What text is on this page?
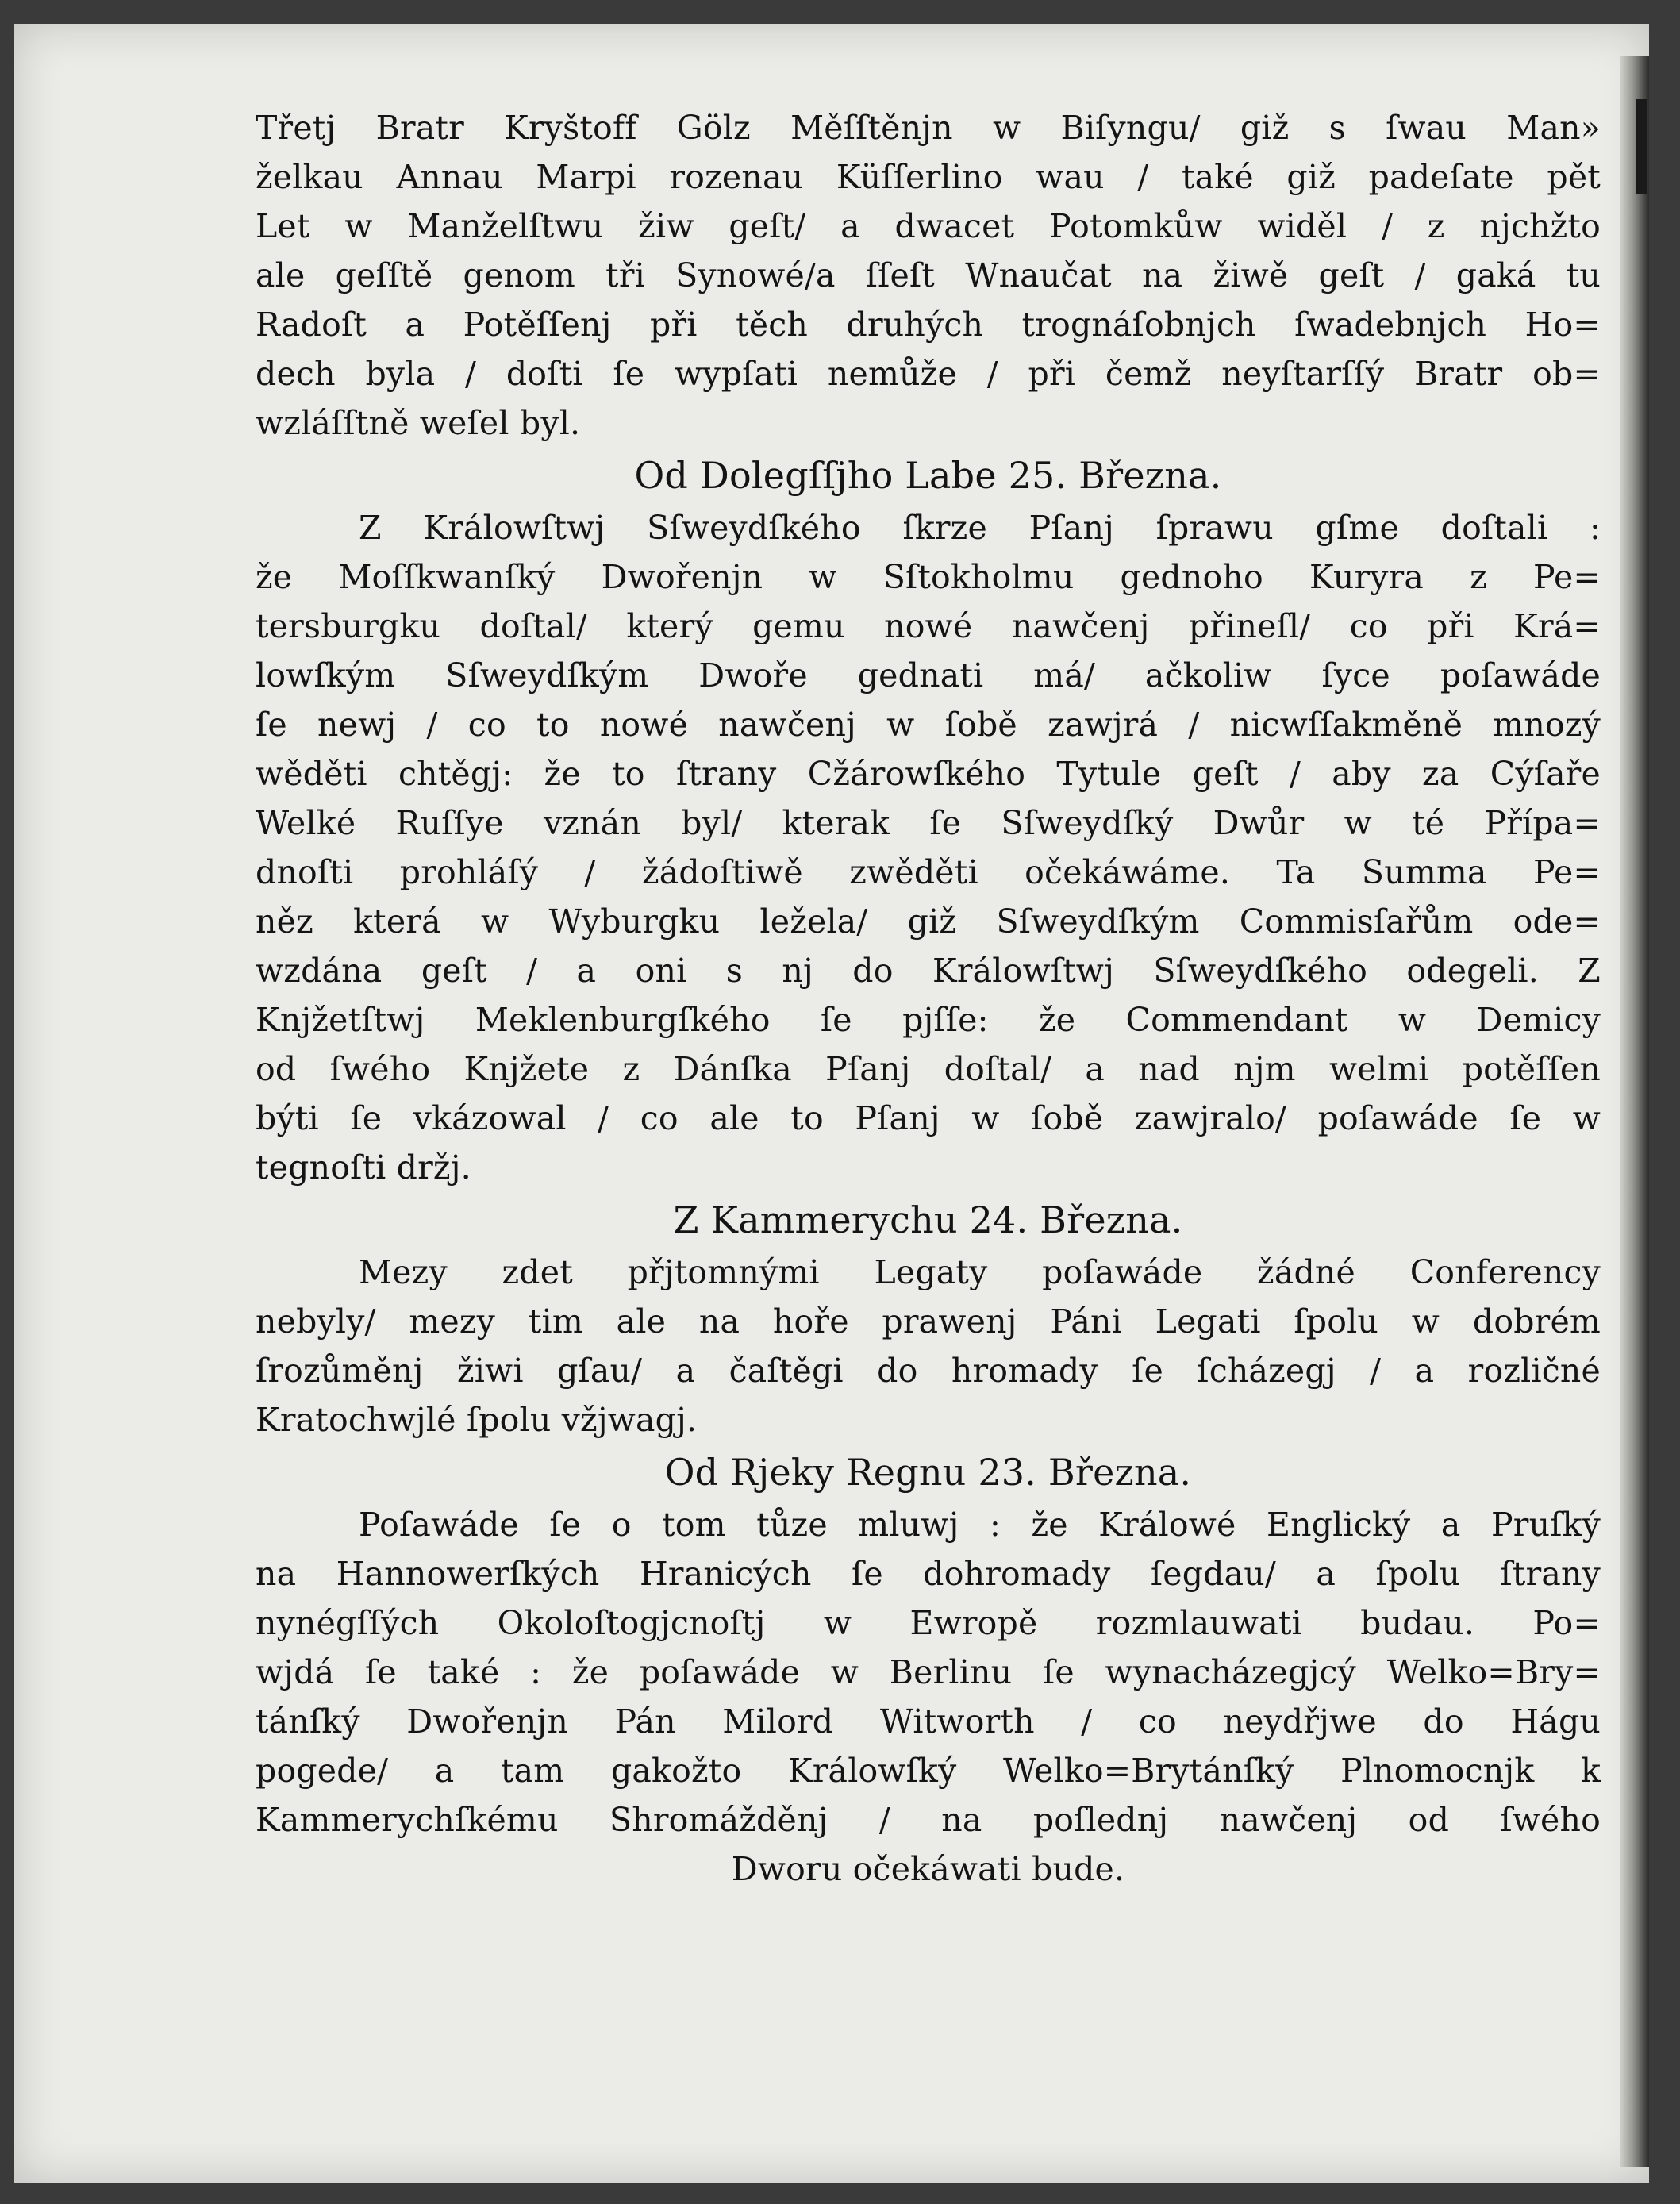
Třetj Bratr Kryštoff Gölz Měſſtěnjn w Biſyngu/ giž s ſwau Man»
želkau Annau Marpi rozenau Küſſerlino wau / také giž padeſate pět
Let w Manželſtwu žiw geſt/ a dwacet Potomkůw widěl / z njchžto
ale geſſtě genom tři Synowé/a ſſeſt Wnaučat na žiwě geſt / gaká tu
Radoſt a Potěſſenj při těch druhých trognáſobnjch ſwadebnjch Ho=
dech byla / doſti ſe wypſati nemůže / při čemž neyſtarſſý Bratr ob=
wzláſſtně weſel byl.
Od Dolegſſjho Labe 25. Března.
Z Králowſtwj Sſweydſkého ſkrze Pſanj ſprawu gſme doſtali :
že Moſſkwanſký Dwořenjn w Sſtokholmu gednoho Kuryra z Pe=
tersburgku doſtal/ který gemu nowé nawčenj přineſl/ co při Krá=
lowſkým Sſweydſkým Dwoře gednati má/ ačkoliw ſyce poſawáde
ſe newj / co to nowé nawčenj w ſobě zawjrá / nicwſſakměně mnozý
wěděti chtěgj: že to ſtrany Cžárowſkého Tytule geſt / aby za Cýſaře
Welké Ruſſye vznán byl/ kterak ſe Sſweydſký Dwůr w té Přípa=
dnoſti prohláſý / žádoſtiwě zwěděti očekáwáme. Ta Summa Pe=
něz která w Wyburgku ležela/ giž Sſweydſkým Commisſařům ode=
wzdána geſt / a oni s nj do Králowſtwj Sſweydſkého odegeli. Z
Knjžetſtwj Meklenburgſkého ſe pjſſe: že Commendant w Demicy
od ſwého Knjžete z Dánſka Pſanj doſtal/ a nad njm welmi potěſſen
býti ſe vkázowal / co ale to Pſanj w ſobě zawjralo/ poſawáde ſe w
tegnoſti držj.
Z Kammerychu 24. Března.
Mezy zdet přjtomnými Legaty poſawáde žádné Conferency
nebyly/ mezy tim ale na hoře prawenj Páni Legati ſpolu w dobrém
ſrozůměnj žiwi gſau/ a čaſtěgi do hromady ſe ſcházegj / a rozličné
Kratochwjlé ſpolu vžjwagj.
Od Rjeky Regnu 23. Března.
Poſawáde ſe o tom tůze mluwj : že Králowé Englický a Pruſký
na Hannowerſkých Hranicých ſe dohromady ſegdau/ a ſpolu ſtrany
nynégſſých Okoloſtogjcnoſtj w Ewropě rozmlauwati budau. Po=
wjdá ſe také : že poſawáde w Berlinu ſe wynacházegjcý Welko=Bry=
tánſký Dwořenjn Pán Milord Witworth / co neydřjwe do Hágu
pogede/ a tam gakožto Králowſký Welko=Brytánſký Plnomocnjk k
Kammerychſkému Shromážděnj / na poſlednj nawčenj od ſwého
Dworu očekáwati bude.
